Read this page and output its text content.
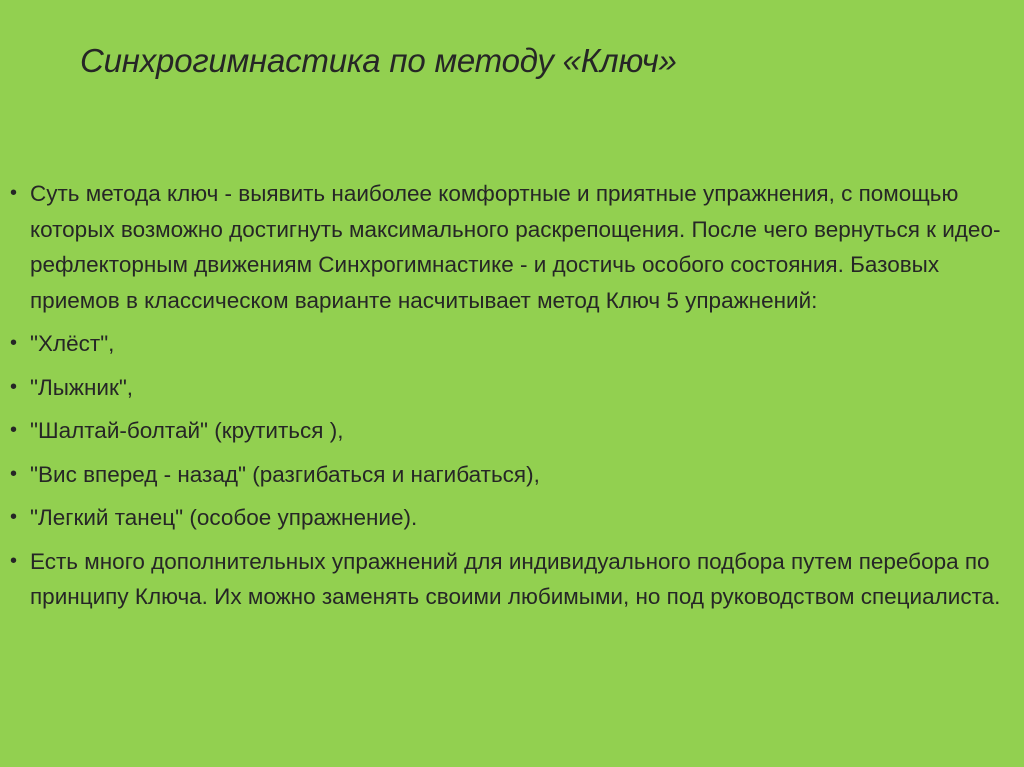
Синхрогимнастика по методу «Ключ»
• Суть метода ключ - выявить наиболее комфортные и приятные упражнения, с помощью которых возможно достигнуть максимального раскрепощения. После чего вернуться к идео-рефлекторным движениям Синхрогимнастике - и достичь особого состояния. Базовых приемов в классическом варианте насчитывает метод Ключ 5 упражнений:
• "Хлёст",
• "Лыжник",
• "Шалтай-болтай" (крутиться ),
• "Вис вперед - назад" (разгибаться и нагибаться),
• "Легкий танец" (особое упражнение).
• Есть много дополнительных упражнений для индивидуального подбора путем перебора по принципу Ключа. Их можно заменять своими любимыми, но под руководством специалиста.
